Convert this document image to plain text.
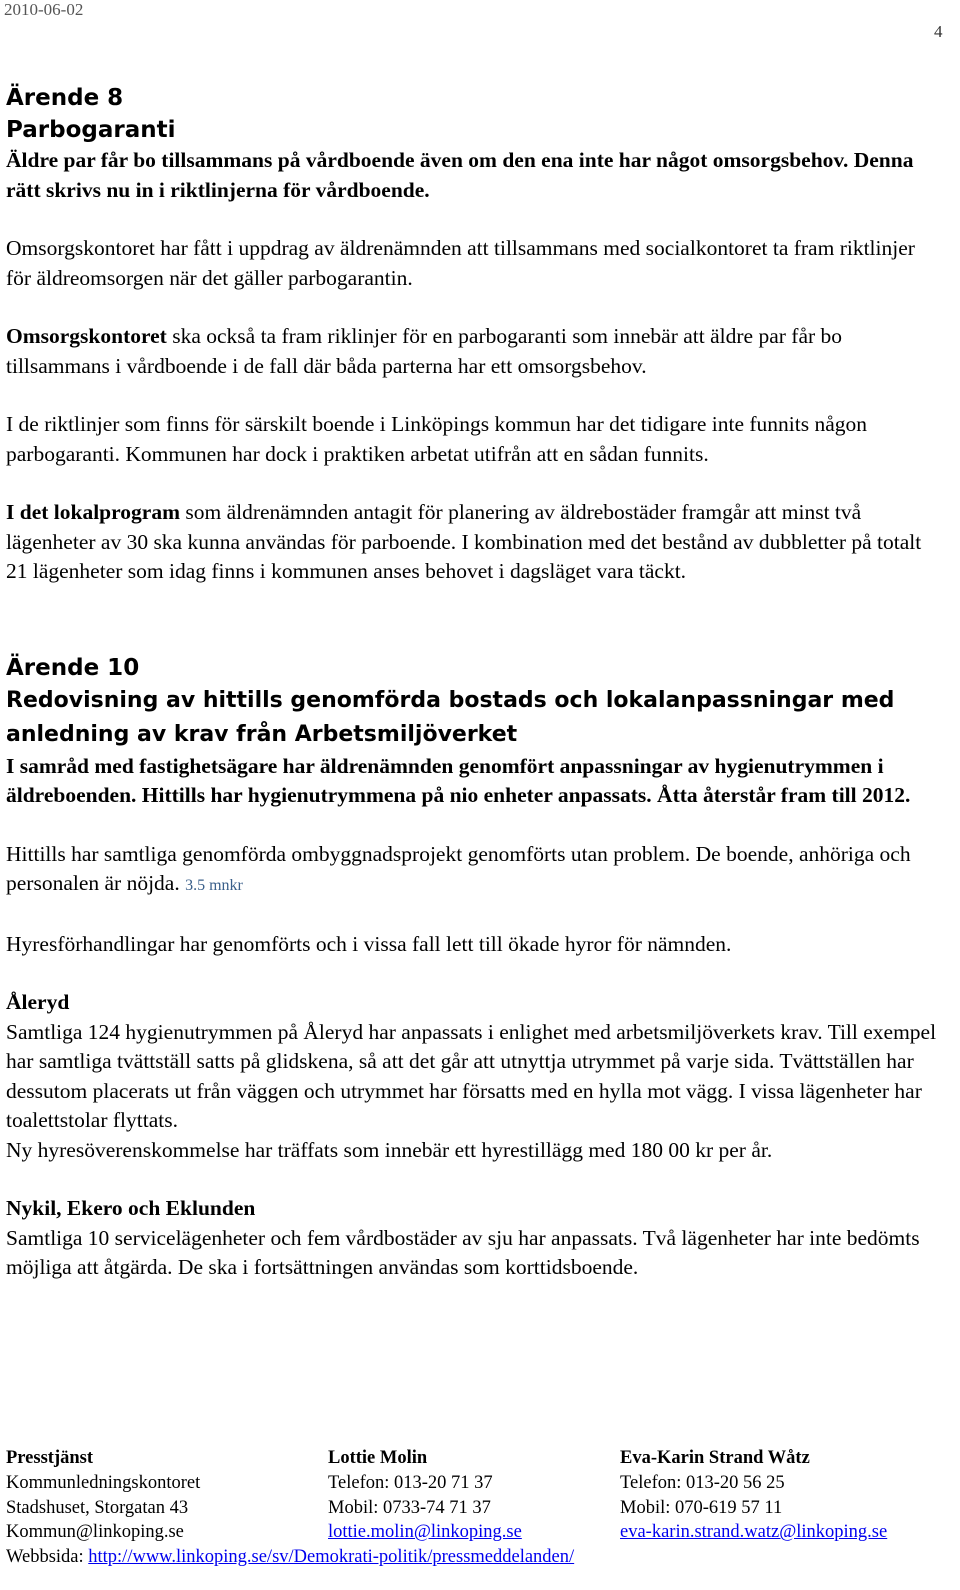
2010-06-02
4
Ärende 8
Parbogaranti

Äldre par får bo tillsammans på vårdboende även om den ena inte har något omsorgsbehov. Denna rätt skrivs nu in i riktlinjerna för vårdboende.

Omsorgskontoret har fått i uppdrag av äldrenämnden att tillsammans med socialkontoret ta fram riktlinjer för äldreomsorgen när det gäller parbogarantin.

Omsorgskontoret ska också ta fram riklinjer för en parbogaranti som innebär att äldre par får bo tillsammans i vårdboende i de fall där båda parterna har ett omsorgsbehov.

I de riktlinjer som finns för särskilt boende i Linköpings kommun har det tidigare inte funnits någon parbogaranti. Kommunen har dock i praktiken arbetat utifrån att en sådan funnits.

I det lokalprogram som äldrenämnden antagit för planering av äldrebostäder framgår att minst två lägenheter av 30 ska kunna användas för parboende. I kombination med det bestånd av dubbletter på totalt 21 lägenheter som idag finns i kommunen anses behovet i dagsläget vara täckt.

Ärende 10
Redovisning av hittills genomförda bostads och lokalanpassningar med anledning av krav från Arbetsmiljöverket

I samråd med fastighetsägare har äldrenämnden genomfört anpassningar av hygienutrymmen i äldreboenden. Hittills har hygienutrymmena på nio enheter anpassats. Åtta återstår fram till 2012.

Hittills har samtliga genomförda ombyggnadsprojekt genomförts utan problem. De boende, anhöriga och personalen är nöjda. 3.5 mnkr

Hyresförhandlingar har genomförts och i vissa fall lett till ökade hyror för nämnden.

Åleryd

Samtliga 124 hygienutrymmen på Åleryd har anpassats i enlighet med arbetsmiljöverkets krav. Till exempel har samtliga tvättställ satts på glidskena, så att det går att utnyttja utrymmet på varje sida. Tvättställen har dessutom placerats ut från väggen och utrymmet har försatts med en hylla mot vägg. I vissa lägenheter har toalettstolar flyttats.

Ny hyresöverenskommelse har träffats som innebär ett hyrestillägg med 180 00 kr per år.

Nykil, Ekero och Eklunden

Samtliga 10 servicelägenheter och fem vårdbostäder av sju har anpassats. Två lägenheter har inte bedömts möjliga att åtgärda. De ska i fortsättningen användas som korttidsboende.

Presstjänst	Lottie Molin	Eva-Karin Strand Wåtz
Kommunledningskontoret	Telefon: 013-20 71 37	Telefon: 013-20 56 25
Stadshuset, Storgatan 43	Mobil: 0733-74 71 37	Mobil: 070-619 57 11
Kommun@linkoping.se	lottie.molin@linkoping.se	eva-karin.strand.watz@linkoping.se
Webbsida: http://www.linkoping.se/sv/Demokrati-politik/pressmeddelanden/
